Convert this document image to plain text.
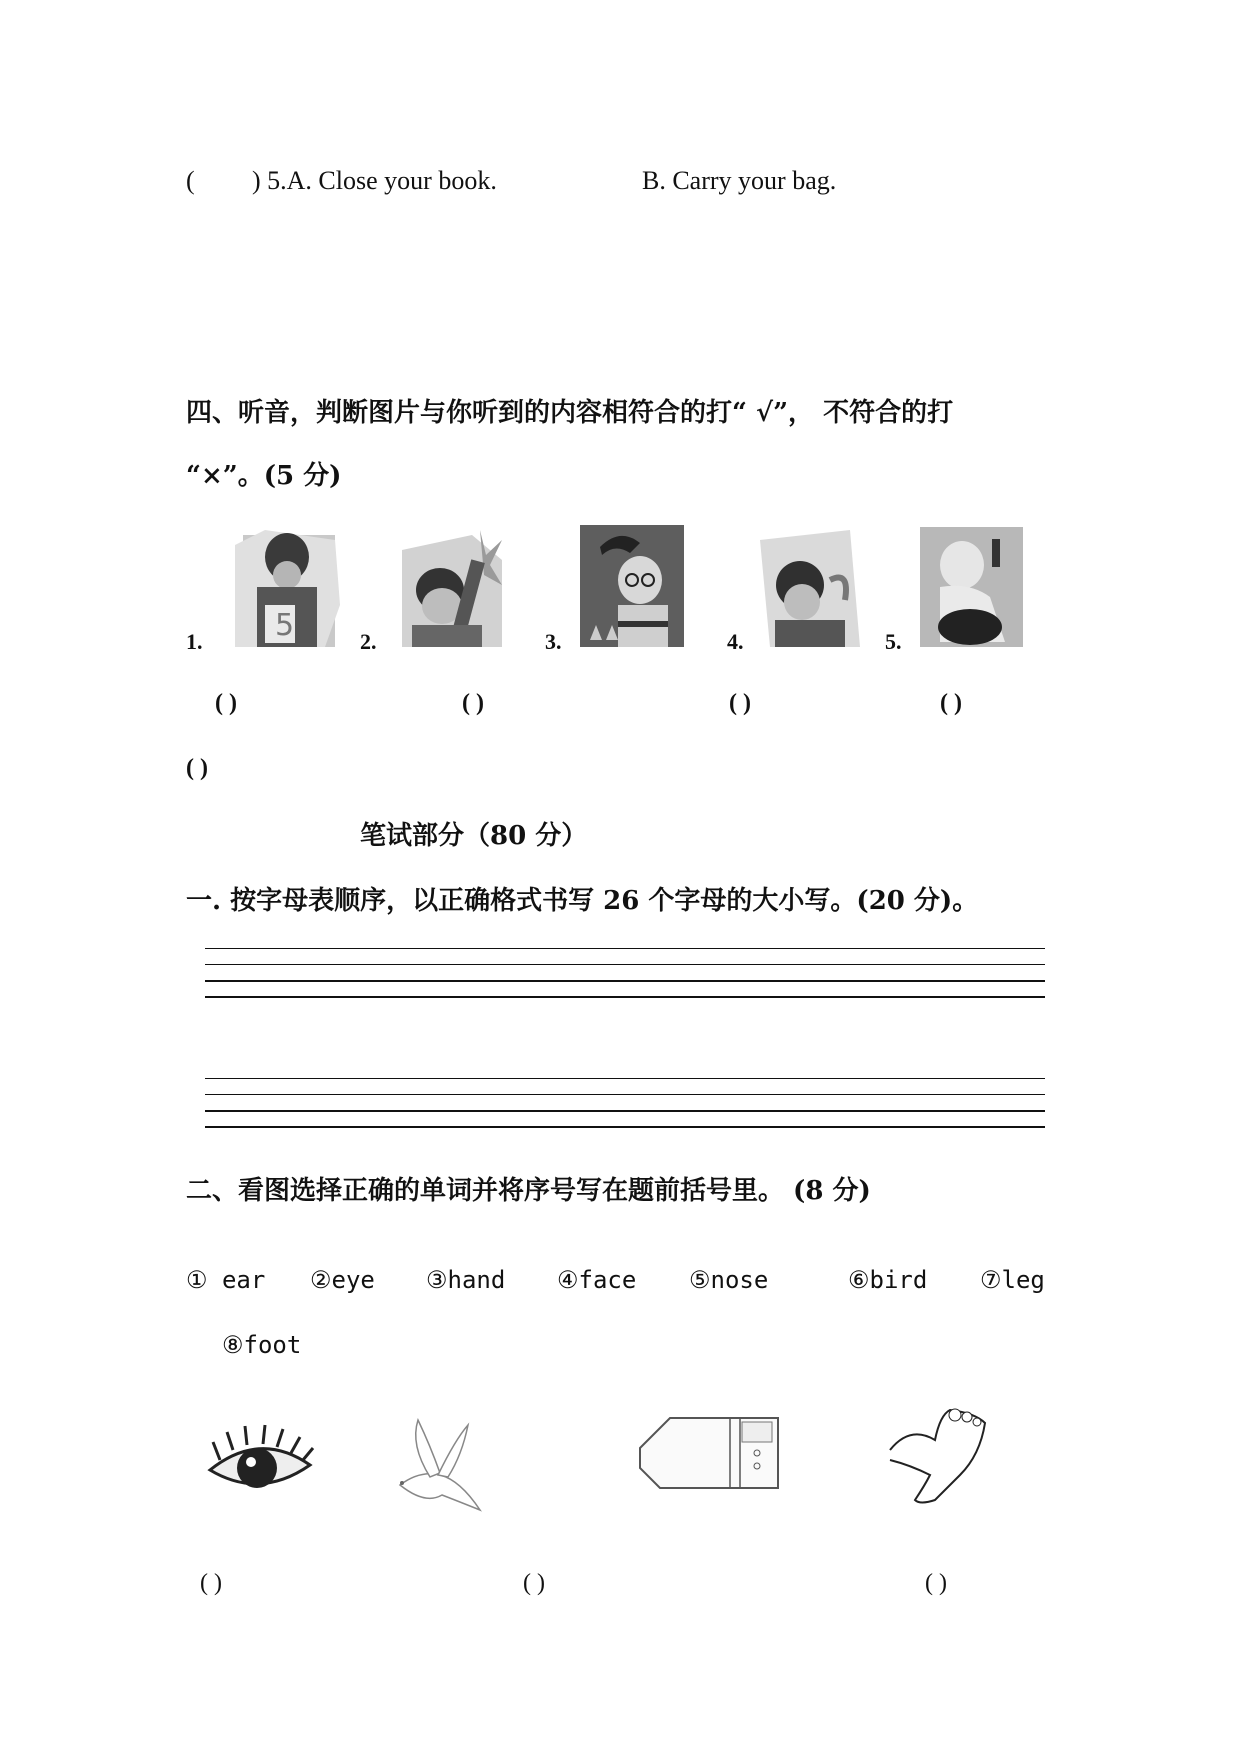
( ) 5.A. Close your book.	B. Carry your bag.
四、听音，判断图片与你听到的内容相符合的打“ √”， 不符合的打
“×”。(5 分)
1. 5	2.	3.	4.	5.
( )	( )	( )	( )
( )
笔试部分（80 分）
一. 按字母表顺序，以正确格式书写 26 个字母的大小写。(20 分)。
二、看图选择正确的单词并将序号写在题前括号里。 (8 分)
① ear ②eye ③hand ④face ⑤nose	⑥bird ⑦leg
⑧foot
( )	( )	( )
